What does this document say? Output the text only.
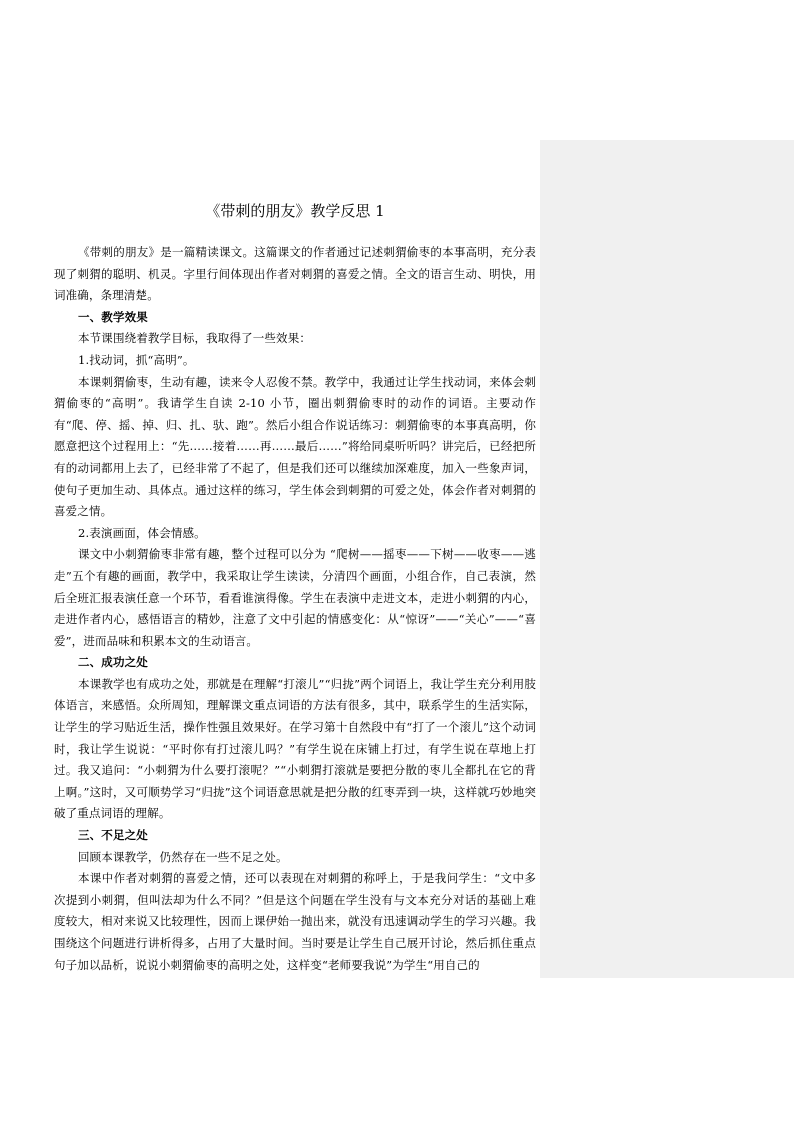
《带刺的朋友》教学反思 1

《带刺的朋友》是一篇精读课文。这篇课文的作者通过记述刺猬偷枣的本事高明，充分表现了刺猬的聪明、机灵。字里行间体现出作者对刺猬的喜爱之情。全文的语言生动、明快，用词准确，条理清楚。

一、教学效果

本节课围绕着教学目标，我取得了一些效果：

1.找动词，抓“高明”。

本课刺猬偷枣，生动有趣，读来令人忍俊不禁。教学中，我通过让学生找动词，来体会刺猬偷枣的“高明”。我请学生自读 2-10 小节，圈出刺猬偷枣时的动作的词语。主要动作有“爬、停、摇、掉、归、扎、驮、跑”。然后小组合作说话练习：刺猬偷枣的本事真高明，你愿意把这个过程用上：“先……接着……再……最后……”将给同桌听听吗？讲完后，已经把所有的动词都用上去了，已经非常了不起了，但是我们还可以继续加深难度，加入一些象声词，使句子更加生动、具体点。通过这样的练习，学生体会到刺猬的可爱之处，体会作者对刺猬的喜爱之情。

2.表演画面，体会情感。

课文中小刺猬偷枣非常有趣，整个过程可以分为 “爬树——摇枣——下树——收枣——逃走”五个有趣的画面，教学中，我采取让学生读读，分清四个画面，小组合作，自己表演，然后全班汇报表演任意一个环节，看看谁演得像。学生在表演中走进文本，走进小刺猬的内心，走进作者内心，感悟语言的精妙，注意了文中引起的情感变化：从“惊讶”——“关心”——“喜爱”，进而品味和积累本文的生动语言。

二、成功之处

本课教学也有成功之处，那就是在理解“打滚儿”“归拢”两个词语上，我让学生充分利用肢体语言，来感悟。众所周知，理解课文重点词语的方法有很多，其中，联系学生的生活实际，让学生的学习贴近生活，操作性强且效果好。在学习第十自然段中有“打了一个滚儿”这个动词时，我让学生说说：“平时你有打过滚儿吗？”有学生说在床铺上打过，有学生说在草地上打过。我又追问：“小刺猬为什么要打滚呢？”“小刺猬打滚就是要把分散的枣儿全都扎在它的背上啊。”这时，又可顺势学习“归拢”这个词语意思就是把分散的红枣弄到一块，这样就巧妙地突破了重点词语的理解。

三、不足之处

回顾本课教学，仍然存在一些不足之处。

本课中作者对刺猬的喜爱之情，还可以表现在对刺猬的称呼上，于是我问学生：“文中多次提到小刺猬，但叫法却为什么不同？”但是这个问题在学生没有与文本充分对话的基础上难度较大，相对来说又比较理性，因而上课伊始一抛出来，就没有迅速调动学生的学习兴趣。我围绕这个问题进行讲析得多，占用了大量时间。当时要是让学生自己展开讨论，然后抓住重点句子加以品析，说说小刺猬偷枣的高明之处，这样变“老师要我说”为学生“用自己的
